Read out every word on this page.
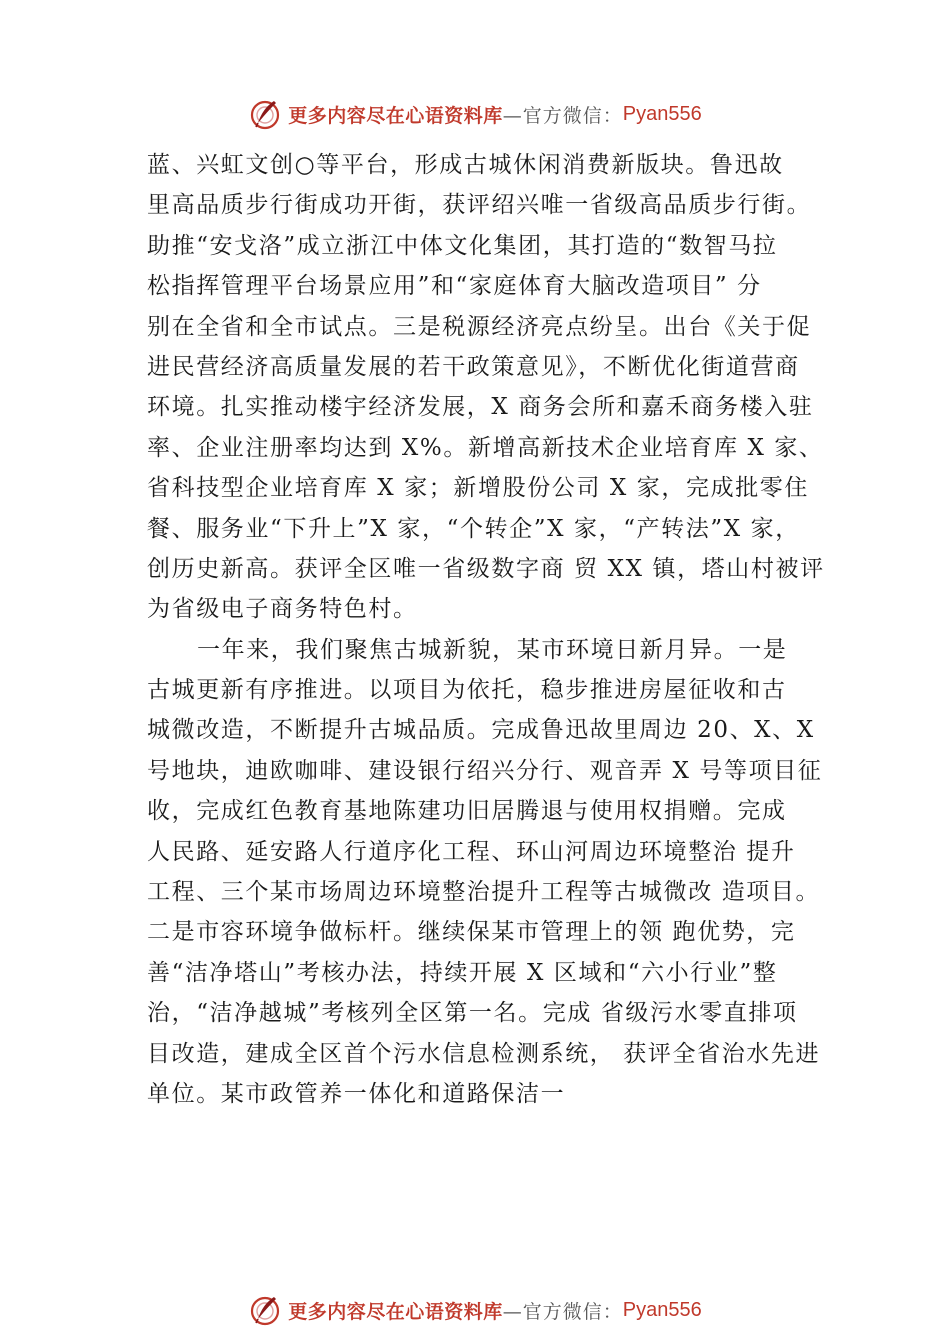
更多内容尽在心语资料库 —官方微信： Pyan556
蓝、兴虹文创○等平台，形成古城休闲消费新版块。鲁迅故
里高品质步行街成功开街，获评绍兴唯一省级高品质步行街。
助推“安戈洛”成立浙江中体文化集团，其打造的“数智马拉
松指挥管理平台场景应用”和“家庭体育大脑改造项目” 分
别在全省和全市试点。三是税源经济亮点纷呈。出台《关于促
进民营经济高质量发展的若干政策意见》，不断优化街道营商
环境。扎实推动楼宇经济发展，X 商务会所和嘉禾商务楼入驻
率、企业注册率均达到 X%。新增高新技术企业培育库 X 家、
省科技型企业培育库 X 家；新增股份公司 X 家，完成批零住
餐、服务业“下升上”X 家，“个转企”X 家，“产转法”X 家，
创历史新高。获评全区唯一省级数字商 贸 XX 镇，塔山村被评
为省级电子商务特色村。
一年来，我们聚焦古城新貌，某市环境日新月异。一是
古城更新有序推进。以项目为依托，稳步推进房屋征收和古
城微改造，不断提升古城品质。完成鲁迅故里周边 20、X、X
号地块，迪欧咖啡、建设银行绍兴分行、观音弄 X 号等项目征
收，完成红色教育基地陈建功旧居腾退与使用权捐赠。完成
人民路、延安路人行道序化工程、环山河周边环境整治 提升
工程、三个某市场周边环境整治提升工程等古城微改 造项目。
二是市容环境争做标杆。继续保某市管理上的领 跑优势，完
善“洁净塔山”考核办法，持续开展 X 区域和“六小行业”整
治，“洁净越城”考核列全区第一名。完成 省级污水零直排项
目改造，建成全区首个污水信息检测系统， 获评全省治水先进
单位。某市政管养一体化和道路保洁一
更多内容尽在心语资料库 —官方微信： Pyan556
